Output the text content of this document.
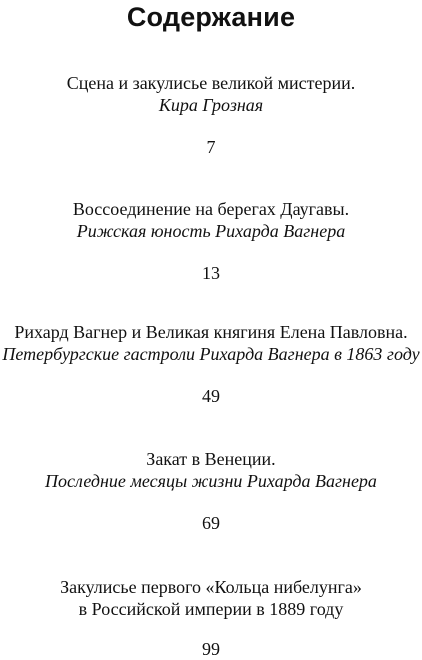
Содержание
Сцена и закулисье великой мистерии.
Кира Грозная
7
Воссоединение на берегах Даугавы.
Рижская юность Рихарда Вагнера
13
Рихард Вагнер и Великая княгиня Елена Павловна.
Петербургские гастроли Рихарда Вагнера в 1863 году
49
Закат в Венеции.
Последние месяцы жизни Рихарда Вагнера
69
Закулисье первого «Кольца нибелунга»
в Российской империи в 1889 году
99
